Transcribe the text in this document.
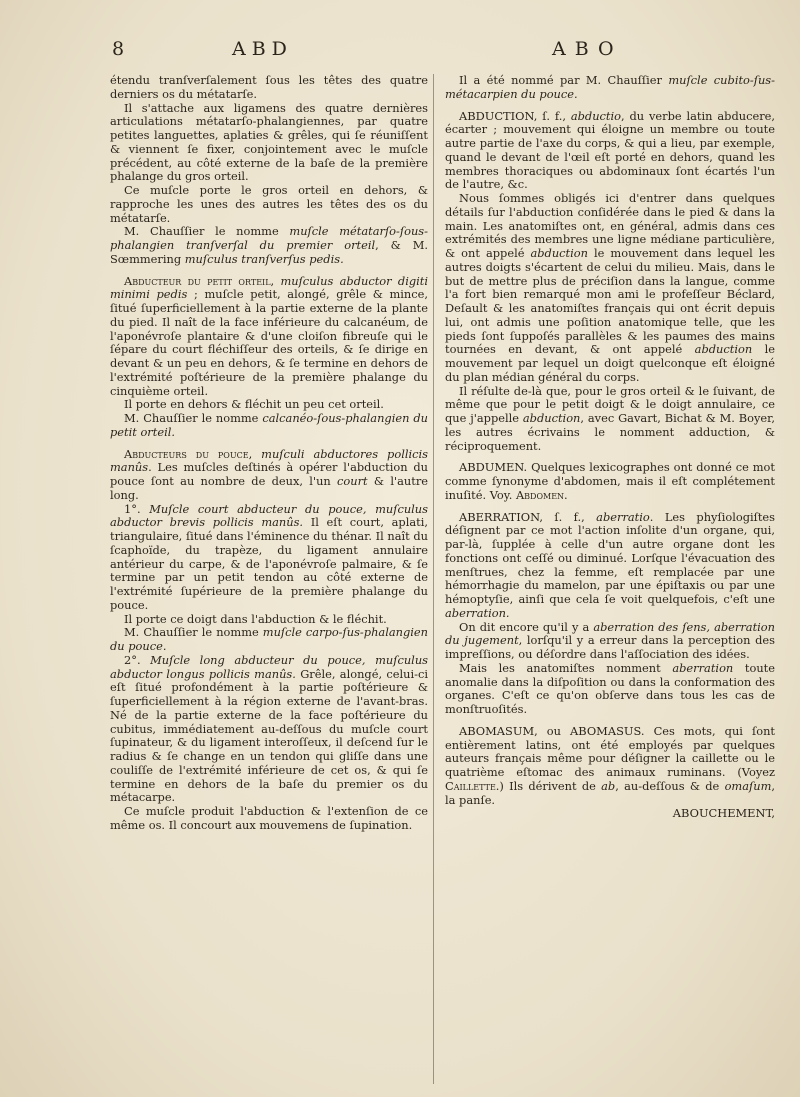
8	ABD	ABO

étendu tranſverſalement ſous les têtes des quatre derniers os du métatarſe.

Il s'attache aux ligamens des quatre dernières articulations métatarſo-phalangiennes, par quatre petites languettes, aplaties & grêles, qui ſe réuniſſent & viennent ſe fixer, conjointement avec le muſcle précédent, au côté externe de la baſe de la première phalange du gros orteil.

Ce muſcle porte le gros orteil en dehors, & rapproche les unes des autres les têtes des os du métatarſe.

M. Chauſſier le nomme muſcle métatarſo-ſous-phalangien tranſverſal du premier orteil, & M. Sœmmering muſculus tranſverſus pedis.

Abducteur du petit orteil, muſculus abductor digiti minimi pedis ; muſcle petit, alongé, grêle & mince, ſitué ſuperficiellement à la partie externe de la plante du pied. Il naît de la face inférieure du calcanéum, de l'aponévroſe plantaire & d'une cloiſon fibreuſe qui le ſépare du court fléchiſſeur des orteils, & ſe dirige en devant & un peu en dehors, & ſe termine en dehors de l'extrémité poſtérieure de la première phalange du cinquième orteil.

Il porte en dehors & fléchit un peu cet orteil.

M. Chauſſier le nomme calcanéo-ſous-phalangien du petit orteil.

Abducteurs du pouce, muſculi abductores pollicis manûs. Les muſcles deſtinés à opérer l'abduction du pouce ſont au nombre de deux, l'un court & l'autre long.

1°. Muſcle court abducteur du pouce, muſculus abductor brevis pollicis manûs. Il eſt court, aplati, triangulaire, ſitué dans l'éminence du thénar. Il naît du ſcaphoïde, du trapèze, du ligament annulaire antérieur du carpe, & de l'aponévroſe palmaire, & ſe termine par un petit tendon au côté externe de l'extrémité ſupérieure de la première phalange du pouce.

Il porte ce doigt dans l'abduction & le fléchit.

M. Chauſſier le nomme muſcle carpo-ſus-phalangien du pouce.

2°. Muſcle long abducteur du pouce, muſculus abductor longus pollicis manûs. Grêle, alongé, celui-ci eſt ſitué profondément à la partie poſtérieure & ſuperficiellement à la région externe de l'avant-bras. Né de la partie externe de la face poſtérieure du cubitus, immédiatement au-deſſous du muſcle court ſupinateur, & du ligament interoſſeux, il deſcend ſur le radius & ſe change en un tendon qui gliſſe dans une couliſſe de l'extrémité inférieure de cet os, & qui ſe termine en dehors de la baſe du premier os du métacarpe.

Ce muſcle produit l'abduction & l'extenſion de ce même os. Il concourt aux mouvemens de ſupination.

Il a été nommé par M. Chauſſier muſcle cubito-ſus-métacarpien du pouce.

ABDUCTION, ſ. f., abductio, du verbe latin abducere, écarter ; mouvement qui éloigne un membre ou toute autre partie de l'axe du corps, & qui a lieu, par exemple, quand le devant de l'œil eſt porté en dehors, quand les membres thoraciques ou abdominaux ſont écartés l'un de l'autre, &c.

Nous ſommes obligés ici d'entrer dans quelques détails ſur l'abduction conſidérée dans le pied & dans la main. Les anatomiſtes ont, en général, admis dans ces extrémités des membres une ligne médiane particulière, & ont appelé abduction le mouvement dans lequel les autres doigts s'écartent de celui du milieu. Mais, dans le but de mettre plus de préciſion dans la langue, comme l'a fort bien remarqué mon ami le profeſſeur Béclard, Deſault & les anatomiſtes français qui ont écrit depuis lui, ont admis une poſition anatomique telle, que les pieds ſont ſuppoſés parallèles & les paumes des mains tournées en devant, & ont appelé abduction le mouvement par lequel un doigt quelconque eſt éloigné du plan médian général du corps.

Il réſulte de-là que, pour le gros orteil & le ſuivant, de même que pour le petit doigt & le doigt annulaire, ce que j'appelle abduction, avec Gavart, Bichat & M. Boyer, les autres écrivains le nomment adduction, & réciproquement.

ABDUMEN. Quelques lexicographes ont donné ce mot comme ſynonyme d'abdomen, mais il eſt complétement inuſité. Voy. Abdomen.

ABERRATION, ſ. f., aberratio. Les phyſiologiſtes déſignent par ce mot l'action inſolite d'un organe, qui, par-là, ſupplée à celle d'un autre organe dont les fonctions ont ceſſé ou diminué. Lorſque l'évacuation des menſtrues, chez la femme, eſt remplacée par une hémorrhagie du mamelon, par une épiſtaxis ou par une hémoptyſie, ainſi que cela ſe voit quelquefois, c'eſt une aberration.

On dit encore qu'il y a aberration des ſens, aberration du jugement, lorſqu'il y a erreur dans la perception des impreſſions, ou déſordre dans l'aſſociation des idées.

Mais les anatomiſtes nomment aberration toute anomalie dans la diſpoſition ou dans la conformation des organes. C'eſt ce qu'on obſerve dans tous les cas de monſtruoſités.

ABOMASUM, ou ABOMASUS. Ces mots, qui ſont entièrement latins, ont été employés par quelques auteurs français même pour déſigner la caillette ou le quatrième eſtomac des animaux ruminans. (Voyez Caillette.) Ils dérivent de ab, au-deſſous & de omaſum, la panſe.

ABOUCHEMENT,
